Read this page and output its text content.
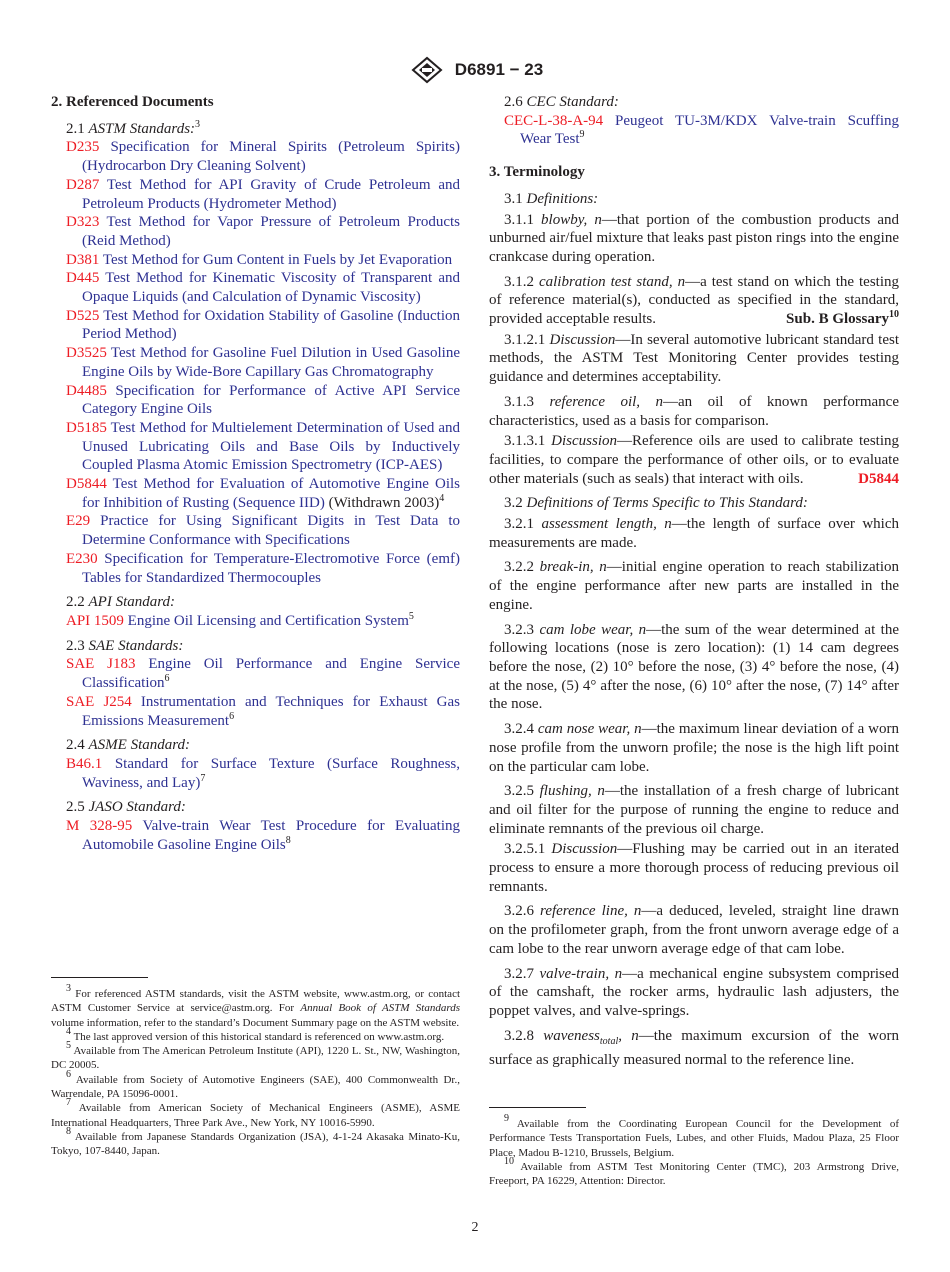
D6891 − 23

2. Referenced Documents

2.1 ASTM Standards:$^3$

D235 Specification for Mineral Spirits (Petroleum Spirits) (Hydrocarbon Dry Cleaning Solvent)

D287 Test Method for API Gravity of Crude Petroleum and Petroleum Products (Hydrometer Method)

D323 Test Method for Vapor Pressure of Petroleum Products (Reid Method)

D381 Test Method for Gum Content in Fuels by Jet Evaporation

D445 Test Method for Kinematic Viscosity of Transparent and Opaque Liquids (and Calculation of Dynamic Viscosity)

D525 Test Method for Oxidation Stability of Gasoline (Induction Period Method)

D3525 Test Method for Gasoline Fuel Dilution in Used Gasoline Engine Oils by Wide-Bore Capillary Gas Chromatography

D4485 Specification for Performance of Active API Service Category Engine Oils

D5185 Test Method for Multielement Determination of Used and Unused Lubricating Oils and Base Oils by Inductively Coupled Plasma Atomic Emission Spectrometry (ICP-AES)

D5844 Test Method for Evaluation of Automotive Engine Oils for Inhibition of Rusting (Sequence IID) (Withdrawn 2003)$^4$

E29 Practice for Using Significant Digits in Test Data to Determine Conformance with Specifications

E230 Specification for Temperature-Electromotive Force (emf) Tables for Standardized Thermocouples

2.2 API Standard:

API 1509 Engine Oil Licensing and Certification System$^5$

2.3 SAE Standards:

SAE J183 Engine Oil Performance and Engine Service Classification$^6$

SAE J254 Instrumentation and Techniques for Exhaust Gas Emissions Measurement$^6$

2.4 ASME Standard:

B46.1 Standard for Surface Texture (Surface Roughness, Waviness, and Lay)$^7$

2.5 JASO Standard:

M 328-95 Valve-train Wear Test Procedure for Evaluating Automobile Gasoline Engine Oils$^8$

$^3$ For referenced ASTM standards, visit the ASTM website, www.astm.org, or contact ASTM Customer Service at service@astm.org. For Annual Book of ASTM Standards volume information, refer to the standard’s Document Summary page on the ASTM website.

$^4$ The last approved version of this historical standard is referenced on www.astm.org.

$^5$ Available from The American Petroleum Institute (API), 1220 L. St., NW, Washington, DC 20005.

$^6$ Available from Society of Automotive Engineers (SAE), 400 Commonwealth Dr., Warrendale, PA 15096-0001.

$^7$ Available from American Society of Mechanical Engineers (ASME), ASME International Headquarters, Three Park Ave., New York, NY 10016-5990.

$^8$ Available from Japanese Standards Organization (JSA), 4-1-24 Akasaka Minato-Ku, Tokyo, 107-8440, Japan.

2.6 CEC Standard:

CEC-L-38-A-94 Peugeot TU-3M/KDX Valve-train Scuffing Wear Test$^9$

3. Terminology

3.1 Definitions:

3.1.1 blowby, n—that portion of the combustion products and unburned air/fuel mixture that leaks past piston rings into the engine crankcase during operation.

3.1.2 calibration test stand, n—a test stand on which the testing of reference material(s), conducted as specified in the standard, provided acceptable results.	Sub. B Glossary$^{10}$

3.1.2.1 Discussion—In several automotive lubricant standard test methods, the ASTM Test Monitoring Center provides testing guidance and determines acceptability.

3.1.3 reference oil, n—an oil of known performance characteristics, used as a basis for comparison.

3.1.3.1 Discussion—Reference oils are used to calibrate testing facilities, to compare the performance of other oils, or to evaluate other materials (such as seals) that interact with oils.	D5844

3.2 Definitions of Terms Specific to This Standard:

3.2.1 assessment length, n—the length of surface over which measurements are made.

3.2.2 break-in, n—initial engine operation to reach stabilization of the engine performance after new parts are installed in the engine.

3.2.3 cam lobe wear, n—the sum of the wear determined at the following locations (nose is zero location): (1) 14 cam degrees before the nose, (2) 10° before the nose, (3) 4° before the nose, (4) at the nose, (5) 4° after the nose, (6) 10° after the nose, (7) 14° after the nose.

3.2.4 cam nose wear, n—the maximum linear deviation of a worn nose profile from the unworn profile; the nose is the high lift point on the particular cam lobe.

3.2.5 flushing, n—the installation of a fresh charge of lubricant and oil filter for the purpose of running the engine to reduce and eliminate remnants of the previous oil charge.

3.2.5.1 Discussion—Flushing may be carried out in an iterated process to ensure a more thorough process of reducing previous oil remnants.

3.2.6 reference line, n—a deduced, leveled, straight line drawn on the profilometer graph, from the front unworn average edge of a cam lobe to the rear unworn average edge of that cam lobe.

3.2.7 valve-train, n—a mechanical engine subsystem comprised of the camshaft, the rocker arms, hydraulic lash adjusters, the poppet valves, and valve-springs.

3.2.8 waveness$_{total}$, n—the maximum excursion of the worn surface as graphically measured normal to the reference line.

$^9$ Available from the Coordinating European Council for the Development of Performance Tests Transportation Fuels, Lubes, and other Fluids, Madou Plaza, 25 Floor Place, Madou B-1210, Brussels, Belgium.

$^{10}$ Available from ASTM Test Monitoring Center (TMC), 203 Armstrong Drive, Freeport, PA 16229, Attention: Director.

2
